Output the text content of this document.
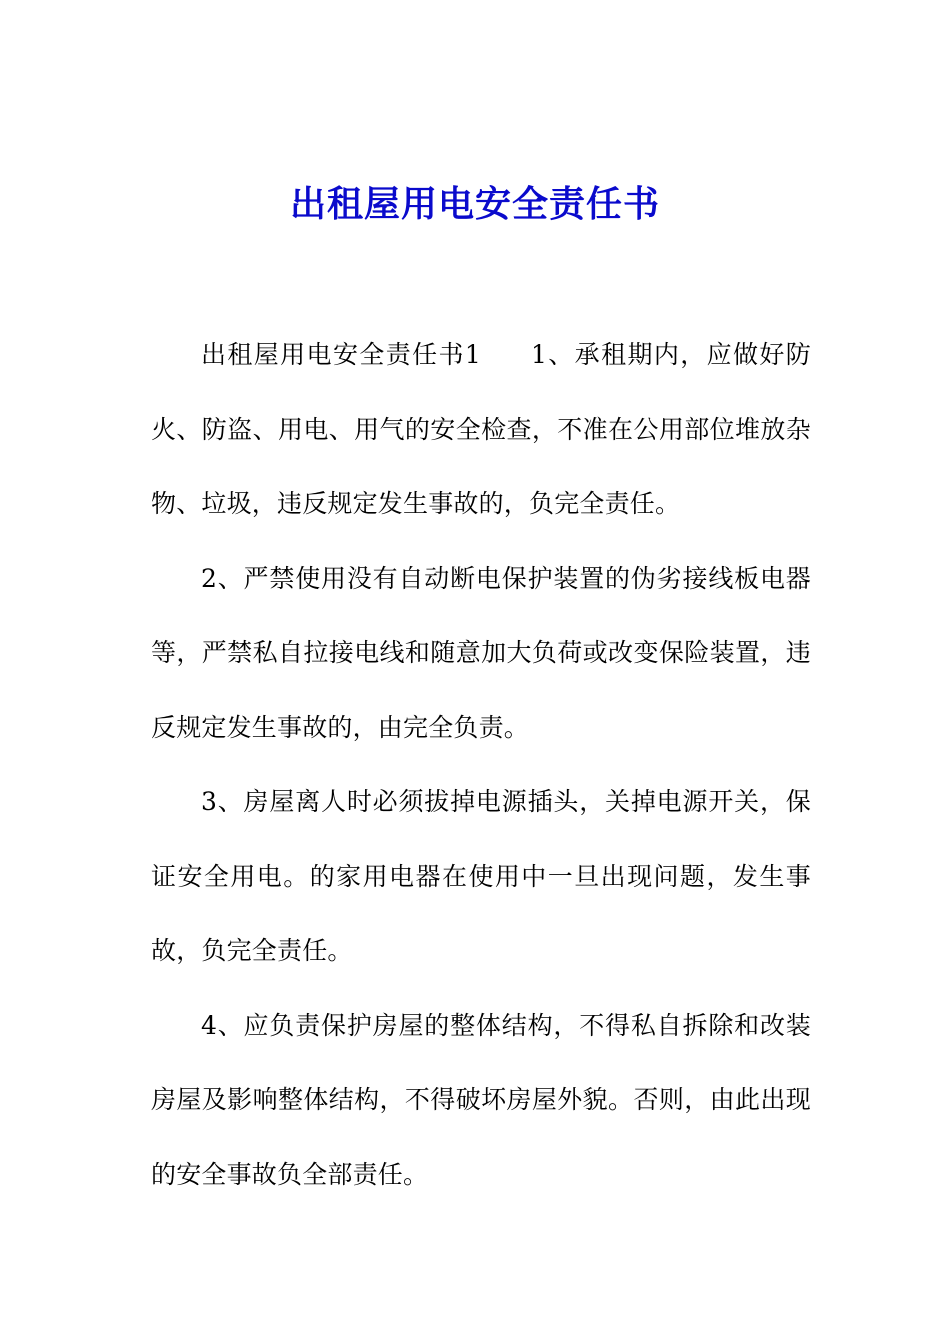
出租屋用电安全责任书

出租屋用电安全责任书1 1、承租期内，应做好防火、防盗、用电、用气的安全检查，不准在公用部位堆放杂物、垃圾，违反规定发生事故的，负完全责任。

2、严禁使用没有自动断电保护装置的伪劣接线板电器等，严禁私自拉接电线和随意加大负荷或改变保险装置，违反规定发生事故的，由完全负责。

3、房屋离人时必须拔掉电源插头，关掉电源开关，保证安全用电。的家用电器在使用中一旦出现问题，发生事故，负完全责任。

4、应负责保护房屋的整体结构，不得私自拆除和改装房屋及影响整体结构，不得破坏房屋外貌。否则，由此出现的安全事故负全部责任。
